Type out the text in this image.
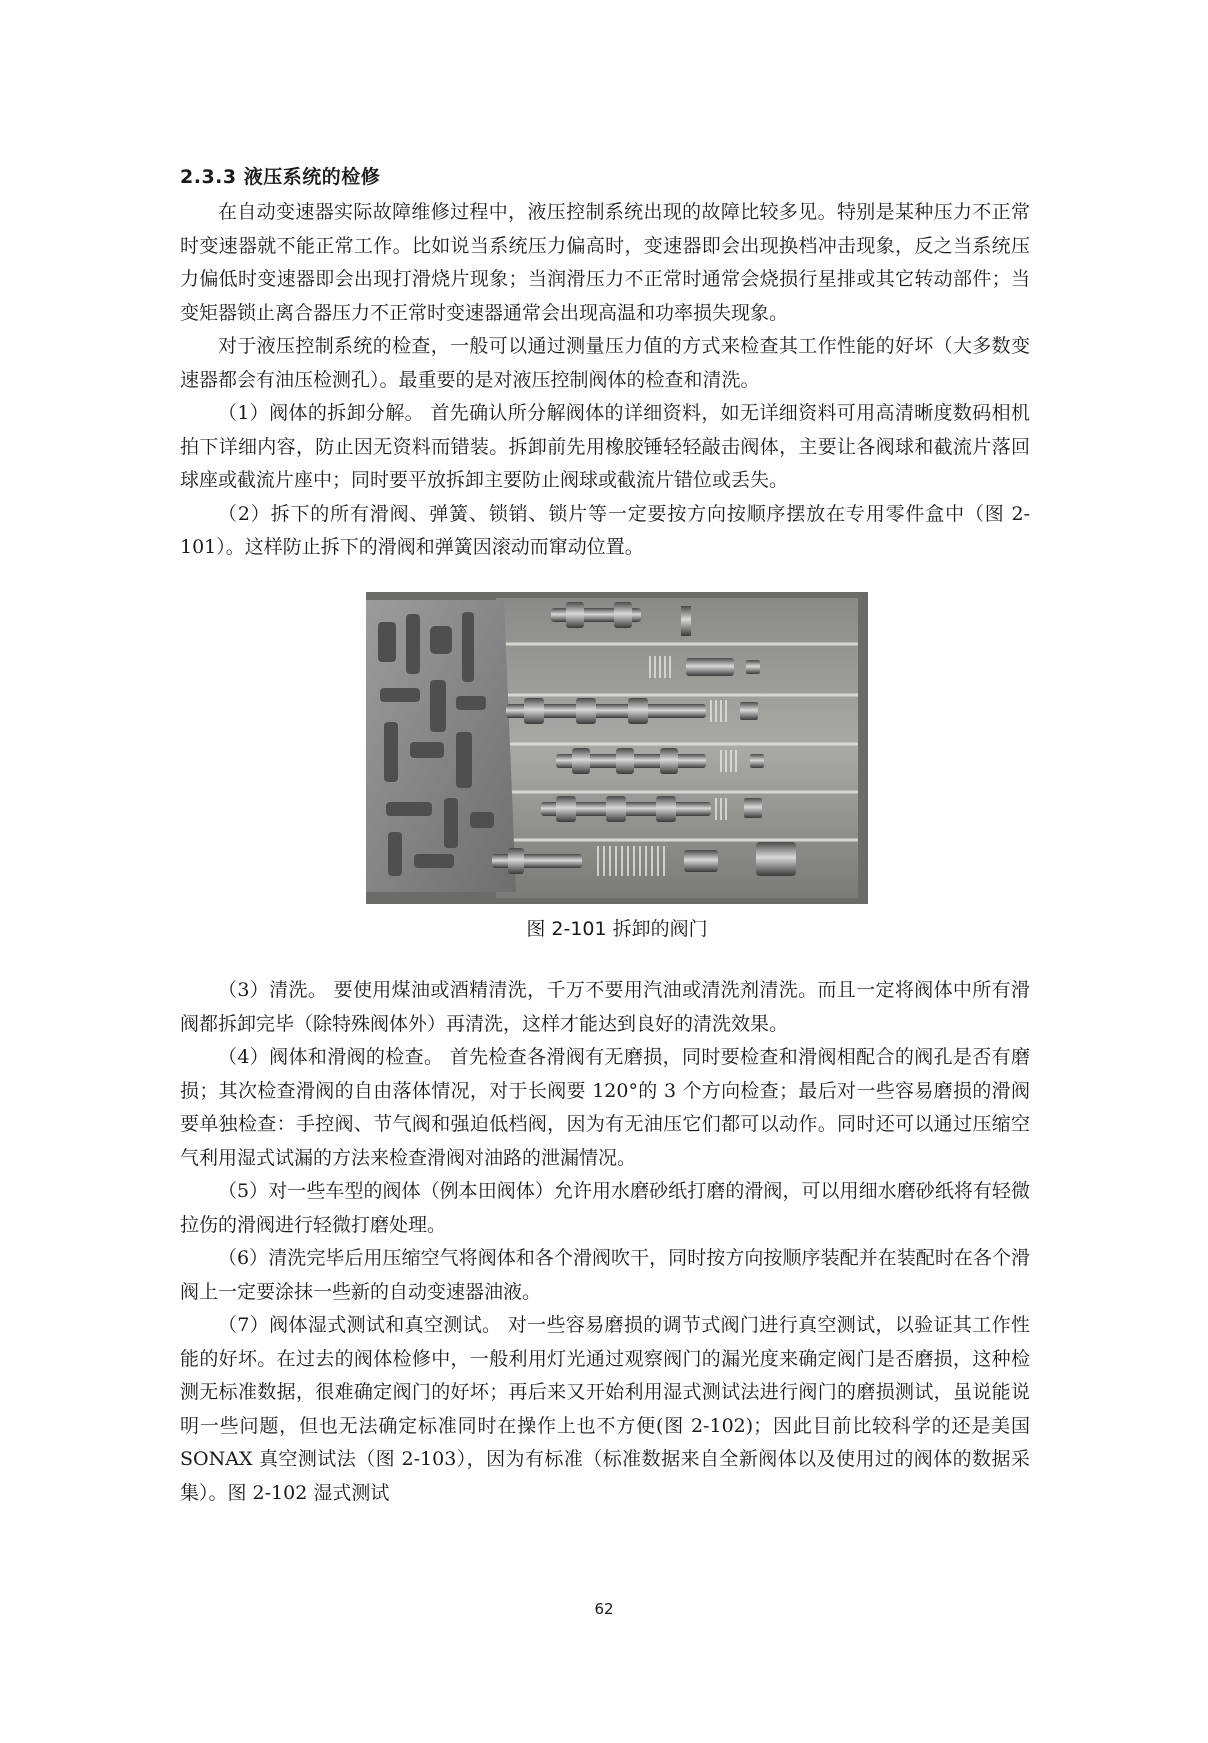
2.3.3 液压系统的检修

在自动变速器实际故障维修过程中，液压控制系统出现的故障比较多见。特别是某种压力不正常时变速器就不能正常工作。比如说当系统压力偏高时，变速器即会出现换档冲击现象，反之当系统压力偏低时变速器即会出现打滑烧片现象；当润滑压力不正常时通常会烧损行星排或其它转动部件；当变矩器锁止离合器压力不正常时变速器通常会出现高温和功率损失现象。

对于液压控制系统的检查，一般可以通过测量压力值的方式来检查其工作性能的好坏（大多数变速器都会有油压检测孔）。最重要的是对液压控制阀体的检查和清洗。

（1）阀体的拆卸分解。 首先确认所分解阀体的详细资料，如无详细资料可用高清晰度数码相机拍下详细内容，防止因无资料而错装。拆卸前先用橡胶锤轻轻敲击阀体，主要让各阀球和截流片落回球座或截流片座中；同时要平放拆卸主要防止阀球或截流片错位或丢失。

（2）拆下的所有滑阀、弹簧、锁销、锁片等一定要按方向按顺序摆放在专用零件盒中（图 2-101）。这样防止拆下的滑阀和弹簧因滚动而窜动位置。

图 2-101 拆卸的阀门

（3）清洗。 要使用煤油或酒精清洗，千万不要用汽油或清洗剂清洗。而且一定将阀体中所有滑阀都拆卸完毕（除特殊阀体外）再清洗，这样才能达到良好的清洗效果。

（4）阀体和滑阀的检查。 首先检查各滑阀有无磨损，同时要检查和滑阀相配合的阀孔是否有磨损；其次检查滑阀的自由落体情况，对于长阀要 120°的 3 个方向检查；最后对一些容易磨损的滑阀要单独检查：手控阀、节气阀和强迫低档阀，因为有无油压它们都可以动作。同时还可以通过压缩空气利用湿式试漏的方法来检查滑阀对油路的泄漏情况。

（5）对一些车型的阀体（例本田阀体）允许用水磨砂纸打磨的滑阀，可以用细水磨砂纸将有轻微拉伤的滑阀进行轻微打磨处理。

（6）清洗完毕后用压缩空气将阀体和各个滑阀吹干，同时按方向按顺序装配并在装配时在各个滑阀上一定要涂抹一些新的自动变速器油液。

（7）阀体湿式测试和真空测试。 对一些容易磨损的调节式阀门进行真空测试，以验证其工作性能的好坏。在过去的阀体检修中，一般利用灯光通过观察阀门的漏光度来确定阀门是否磨损，这种检测无标准数据，很难确定阀门的好坏；再后来又开始利用湿式测试法进行阀门的磨损测试，虽说能说明一些问题，但也无法确定标准同时在操作上也不方便(图 2-102)；因此目前比较科学的还是美国 SONAX 真空测试法（图 2-103），因为有标准（标准数据来自全新阀体以及使用过的阀体的数据采集）。图 2-102 湿式测试

62
